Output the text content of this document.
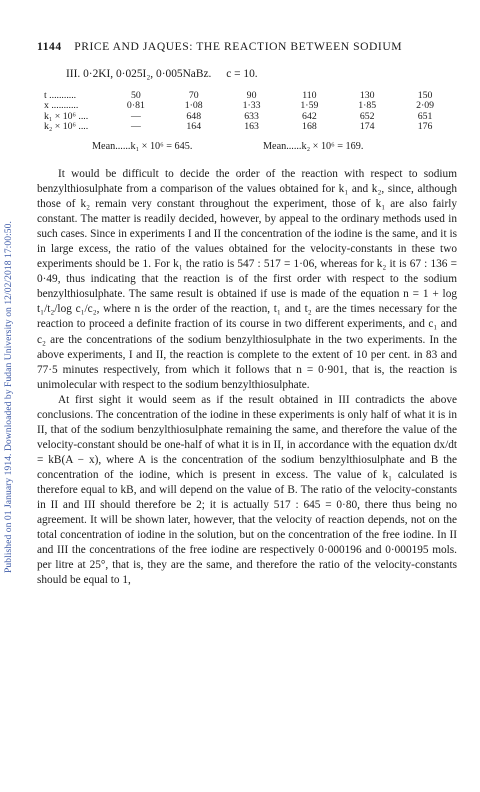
Published on 01 January 1914. Downloaded by Fudan University on 12/02/2018 17:00:50.
1144 PRICE AND JAQUES: THE REACTION BETWEEN SODIUM
III. 0·2KI, 0·025I₂, 0·005NaBz. c = 10.
t ...........	50	70	90	110	130	150
x ...........	0·81	1·08	1·33	1·59	1·85	2·09
k₁ × 10⁶ ....	—	648	633	642	652	651
k₂ × 10⁶ ....	—	164	163	168	174	176
Mean......k₁ × 10⁶ = 645.	Mean......k₂ × 10⁶ = 169.

It would be difficult to decide the order of the reaction with respect to sodium benzylthiosulphate from a comparison of the values obtained for k₁ and k₂, since, although those of k₂ remain very constant throughout the experiment, those of k₁ are also fairly constant. The matter is readily decided, however, by appeal to the ordinary methods used in such cases. Since in experiments I and II the concentration of the iodine is the same, and it is in large excess, the ratio of the values obtained for the velocity-constants in these two experiments should be 1. For k₁ the ratio is 547 : 517 = 1·06, whereas for k₂ it is 67 : 136 = 0·49, thus indicating that the reaction is of the first order with respect to the sodium benzylthiosulphate. The same result is obtained if use is made of the equation n = 1 + log t₁/t₂/log c₁/c₂, where n is the order of the reaction, t₁ and t₂ are the times necessary for the reaction to proceed a definite fraction of its course in two different experiments, and c₁ and c₂ are the concentrations of the sodium benzylthiosulphate in the two experiments. In the above experiments, I and II, the reaction is complete to the extent of 10 per cent. in 83 and 77·5 minutes respectively, from which it follows that n = 0·901, that is, the reaction is unimolecular with respect to the sodium benzylthiosulphate.

At first sight it would seem as if the result obtained in III contradicts the above conclusions. The concentration of the iodine in these experiments is only half of what it is in II, that of the sodium benzylthiosulphate remaining the same, and therefore the value of the velocity-constant should be one-half of what it is in II, in accordance with the equation dx/dt = kB(A − x), where A is the concentration of the sodium benzylthiosulphate and B the concentration of the iodine, which is present in excess. The value of k₁ calculated is therefore equal to kB, and will depend on the value of B. The ratio of the velocity-constants in II and III should therefore be 2; it is actually 517 : 645 = 0·80, there thus being no agreement. It will be shown later, however, that the velocity of reaction depends, not on the total concentration of iodine in the solution, but on the concentration of the free iodine. In II and III the concentrations of the free iodine are respectively 0·000196 and 0·000195 mols. per litre at 25°, that is, they are the same, and therefore the ratio of the velocity-constants should be equal to 1,
